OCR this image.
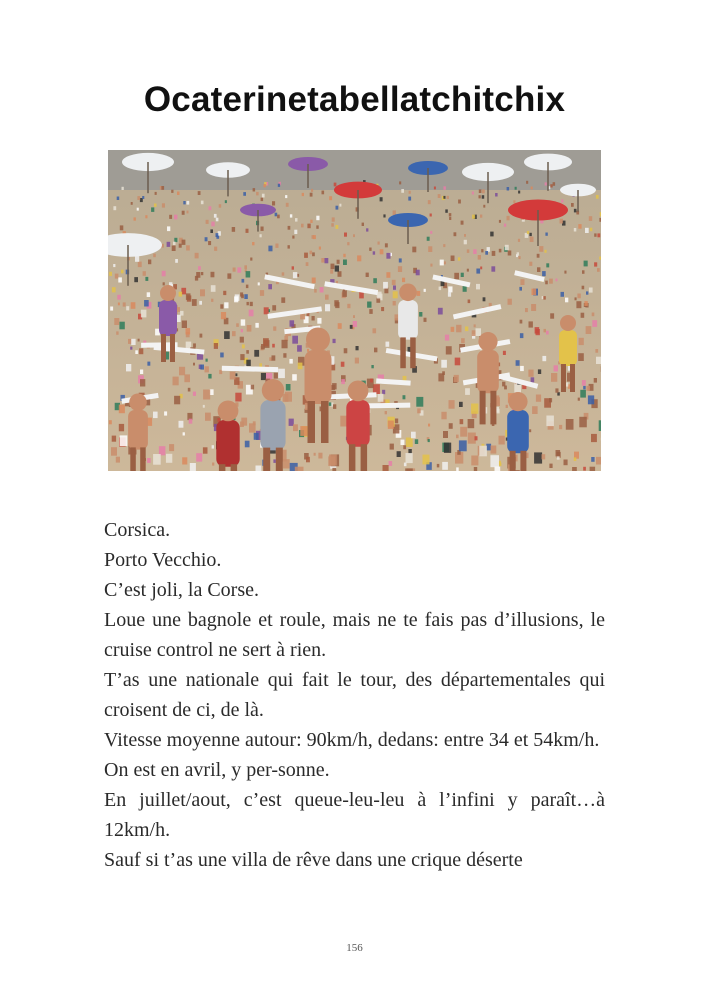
Ocaterinetabellatchitchix

Corsica.

Porto Vecchio.

C’est joli, la Corse.

Loue une bagnole et roule, mais ne te fais pas d’illusions, le cruise control ne sert à rien.

T’as une nationale qui fait le tour, des départementales qui croisent de ci, de là.

Vitesse moyenne autour: 90km/h, dedans: entre 34 et 54km/h.

On est en avril, y per-sonne.

En juillet/aout, c’est queue-leu-leu à l’infini y paraît…à 12km/h.

Sauf si t’as une villa de rêve dans une crique déserte

156
